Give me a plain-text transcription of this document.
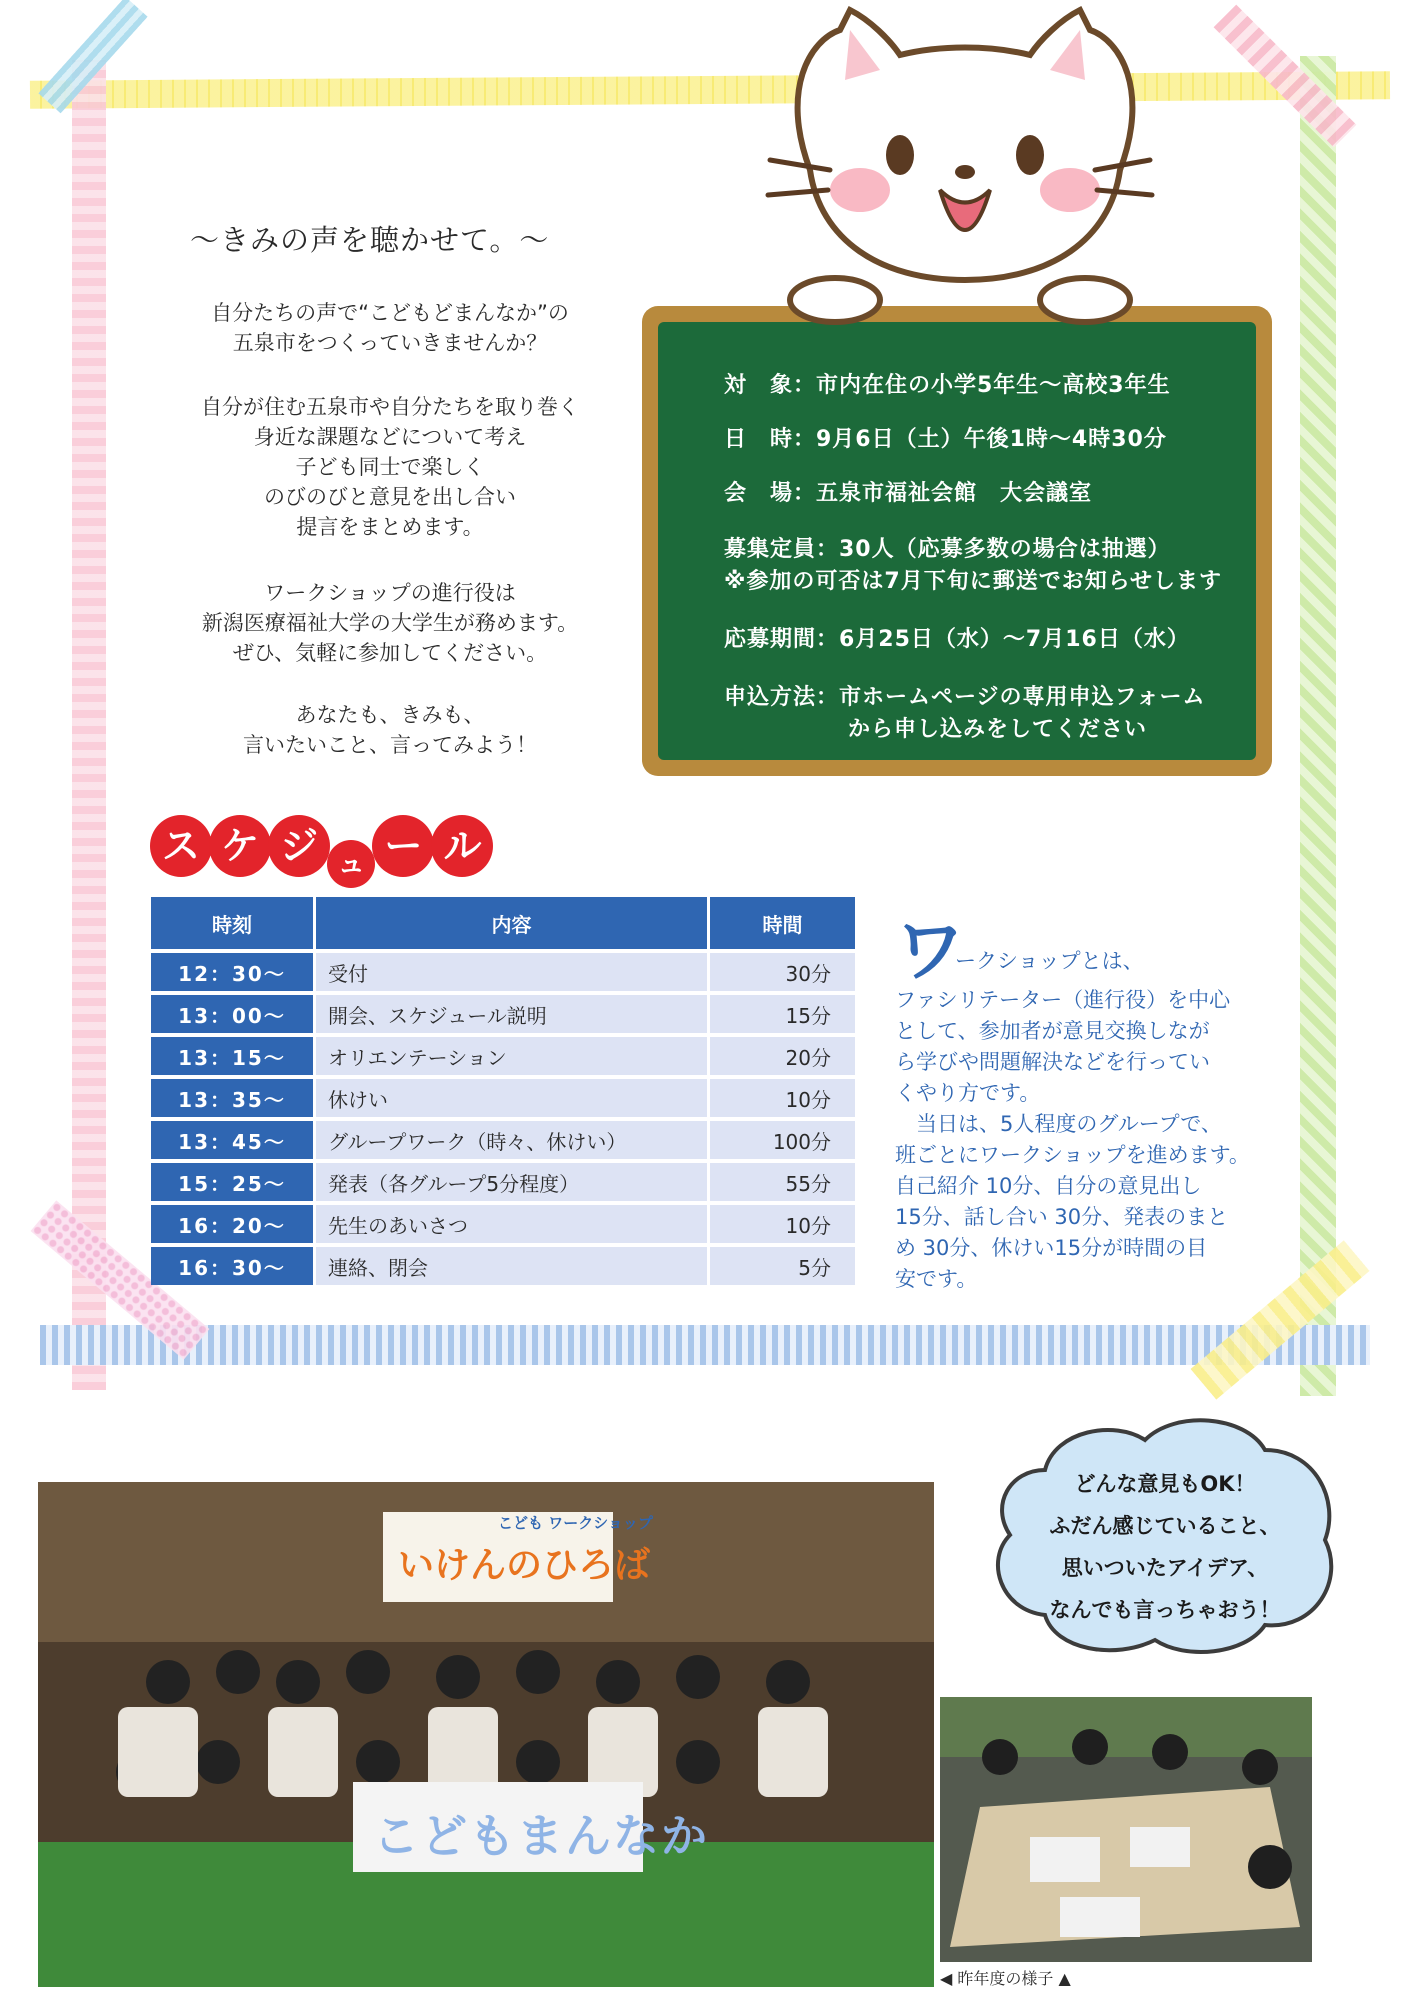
～きみの声を聴かせて。～
自分たちの声で“こどもどまんなか”の
五泉市をつくっていきませんか？
自分が住む五泉市や自分たちを取り巻く
身近な課題などについて考え
子ども同士で楽しく
のびのびと意見を出し合い
提言をまとめます。
ワークショップの進行役は
新潟医療福祉大学の大学生が務めます。
ぜひ、気軽に参加してください。
あなたも、きみも、
言いたいこと、言ってみよう！
対　象：市内在住の小学5年生～高校3年生
日　時：9月6日（土）午後1時～4時30分
会　場：五泉市福祉会館　大会議室
募集定員：30人（応募多数の場合は抽選）
※参加の可否は7月下旬に郵送でお知らせします
応募期間：6月25日（水）～7月16日（水）
申込方法：市ホームページの専用申込フォーム
から申し込みをしてください
ス ケ ジ ュ ー ル
時刻	内容	時間
12：30～	受付	30分
13：00～	開会、スケジュール説明	15分
13：15～	オリエンテーション	20分
13：35～	休けい	10分
13：45～	グループワーク（時々、休けい）	100分
15：25～	発表（各グループ5分程度）	55分
16：20～	先生のあいさつ	10分
16：30～	連絡、閉会	5分
ワ
ークショップとは、
ファシリテーター（進行役）を中心
として、参加者が意見交換しなが
ら学びや問題解決などを行ってい
くやり方です。
　当日は、5人程度のグループで、
班ごとにワークショップを進めます。
自己紹介 10分、自分の意見出し
15分、話し合い 30分、発表のまと
め 30分、休けい15分が時間の目
安です。
どんな意見もOK！
ふだん感じていること、
思いついたアイデア、
なんでも言っちゃおう！
こども ワークショップ
いけんのひろば
こどもまんなか
◀ 昨年度の様子 ▲
